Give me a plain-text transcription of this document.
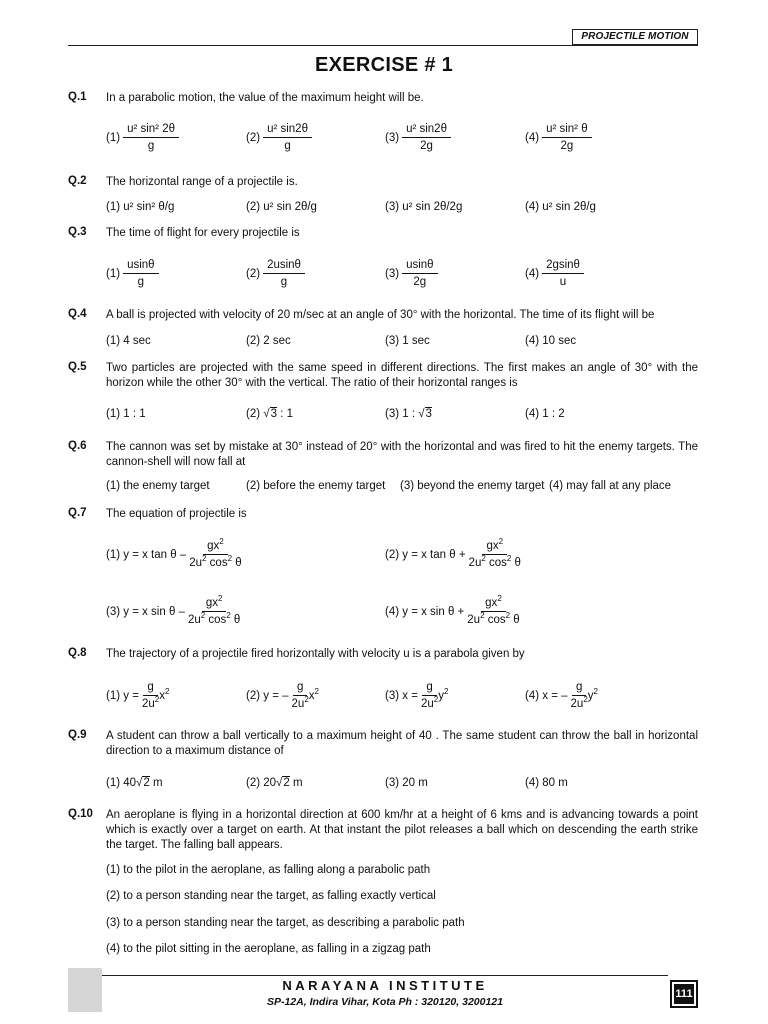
PROJECTILE MOTION
EXERCISE # 1
Q.1 In a parabolic motion, the value of the maximum height will be.
$(1) \frac{\text{u² sin² 2θ}}{g}$	$(2) \frac{\text{u² sin2θ}}{g}$	$(3) \frac{\text{u² sin2θ}}{2g}$	$(4) \frac{\text{u² sin² θ}}{2g}$
Q.2 The horizontal range of a projectile is.
(1) u² sin² θ/g	(2) u² sin 2θ/g	(3) u² sin 2θ/2g	(4) u² sin 2θ/g
Q.3 The time of flight for every projectile is
$(1) \frac{usin\theta}{g}$	$(2) \frac{2usin\theta}{g}$	$(3) \frac{usin\theta}{2g}$	$(4) \frac{2gsin\theta}{u}$
Q.4 A ball is projected with velocity of 20 m/sec at an angle of 30° with the horizontal. The time of its flight will be
(1) 4 sec	(2) 2 sec	(3) 1 sec	(4) 10 sec
Q.5 Two particles are projected with the same speed in different directions. The first makes an angle of 30° with the horizon while the other 30° with the vertical. The ratio of their horizontal ranges is
(1) 1 : 1	(2) √3 : 1	(3) 1 : √3	(4) 1 : 2
Q.6 The cannon was set by mistake at 30° instead of 20° with the horizontal and was fired to hit the enemy targets. The cannon-shell will now fall at
(1) the enemy target	(2) before the enemy target (3) beyond the enemy target (4) may fall at any place
Q.7 The equation of projectile is
(1) y = x tan θ – $\frac{gx^2}{2u^2 \cos^2 \theta}$	(2) y = x $\tan \theta + \frac{gx^2}{2u^2 \cos^2 \theta}$
(3) y = x sin θ – $\frac{gx^2}{2u^2 \cos^2 \theta}$	(4) y = x $\sin \theta + \frac{gx^2}{2u^2 \cos^2 \theta}$
Q.8 The trajectory of a projectile fired horizontally with velocity u is a parabola given by
(1) $y = \frac{g}{2u^2} x^2$	(2) y = – $\frac{g}{2u^2} x^2$	(3) $x = \frac{g}{2u^2} y^2$	(4) x = – $\frac{g}{2u^2} y^2$
Q.9 A student can throw a ball vertically to a maximum height of 40 . The same student can throw the ball in horizontal direction to a maximum distance of
(1) 40√2 m	(2) 20√2 m	(3) 20 m	(4) 80 m
Q.10 An aeroplane is flying in a horizontal direction at 600 km/hr at a height of 6 kms and is advancing towards a point which is exactly over a target on earth. At that instant the pilot releases a ball which on descending the earth strike the target. The falling ball appears.
(1) to the pilot in the aeroplane, as falling along a parabolic path
(2) to a person standing near the target, as falling exactly vertical
(3) to a person standing near the target, as describing a parabolic path
(4) to the pilot sitting in the aeroplane, as falling in a zigzag path
NARAYANA INSTITUTE
SP-12A, Indira Vihar, Kota Ph : 320120, 3200121
111
